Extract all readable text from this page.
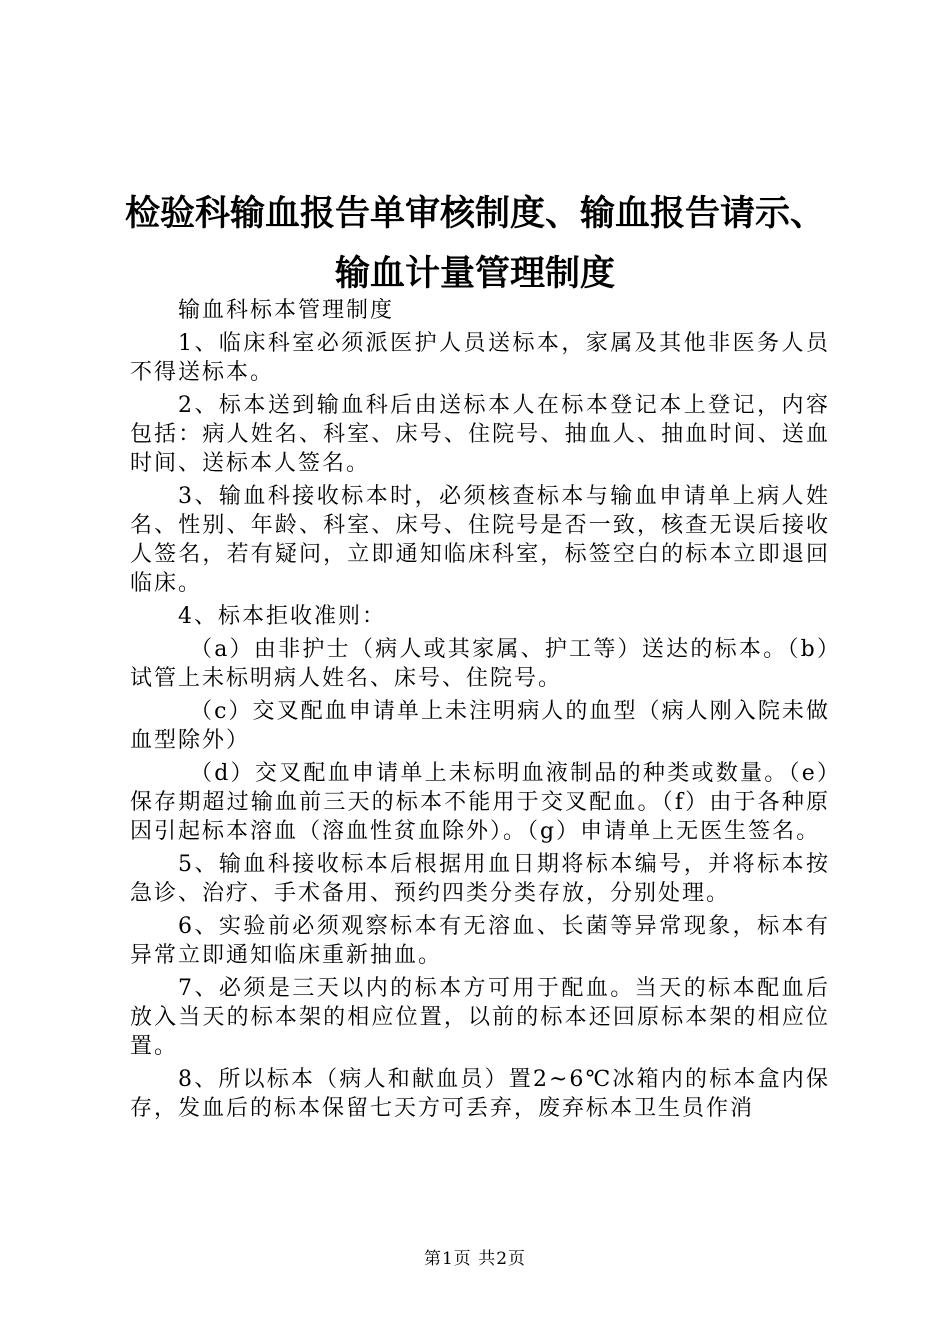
检验科输血报告单审核制度、输血报告请示、
输血计量管理制度

输血科标本管理制度

1、临床科室必须派医护人员送标本，家属及其他非医务人员不得送标本。

2、标本送到输血科后由送标本人在标本登记本上登记，内容包括：病人姓名、科室、床号、住院号、抽血人、抽血时间、送血时间、送标本人签名。

3、输血科接收标本时，必须核查标本与输血申请单上病人姓名、性别、年龄、科室、床号、住院号是否一致，核查无误后接收人签名，若有疑问，立即通知临床科室，标签空白的标本立即退回临床。

4、标本拒收准则：

（a）由非护士（病人或其家属、护工等）送达的标本。（b）试管上未标明病人姓名、床号、住院号。

（c）交叉配血申请单上未注明病人的血型（病人刚入院未做血型除外）

（d）交叉配血申请单上未标明血液制品的种类或数量。（e）保存期超过输血前三天的标本不能用于交叉配血。（f）由于各种原因引起标本溶血（溶血性贫血除外）。（g）申请单上无医生签名。

5、输血科接收标本后根据用血日期将标本编号，并将标本按急诊、治疗、手术备用、预约四类分类存放，分别处理。

6、实验前必须观察标本有无溶血、长菌等异常现象，标本有异常立即通知临床重新抽血。

7、必须是三天以内的标本方可用于配血。当天的标本配血后放入当天的标本架的相应位置，以前的标本还回原标本架的相应位置。

8、所以标本（病人和献血员）置2~6℃冰箱内的标本盒内保存，发血后的标本保留七天方可丢弃，废弃标本卫生员作消

第1页 共2页
